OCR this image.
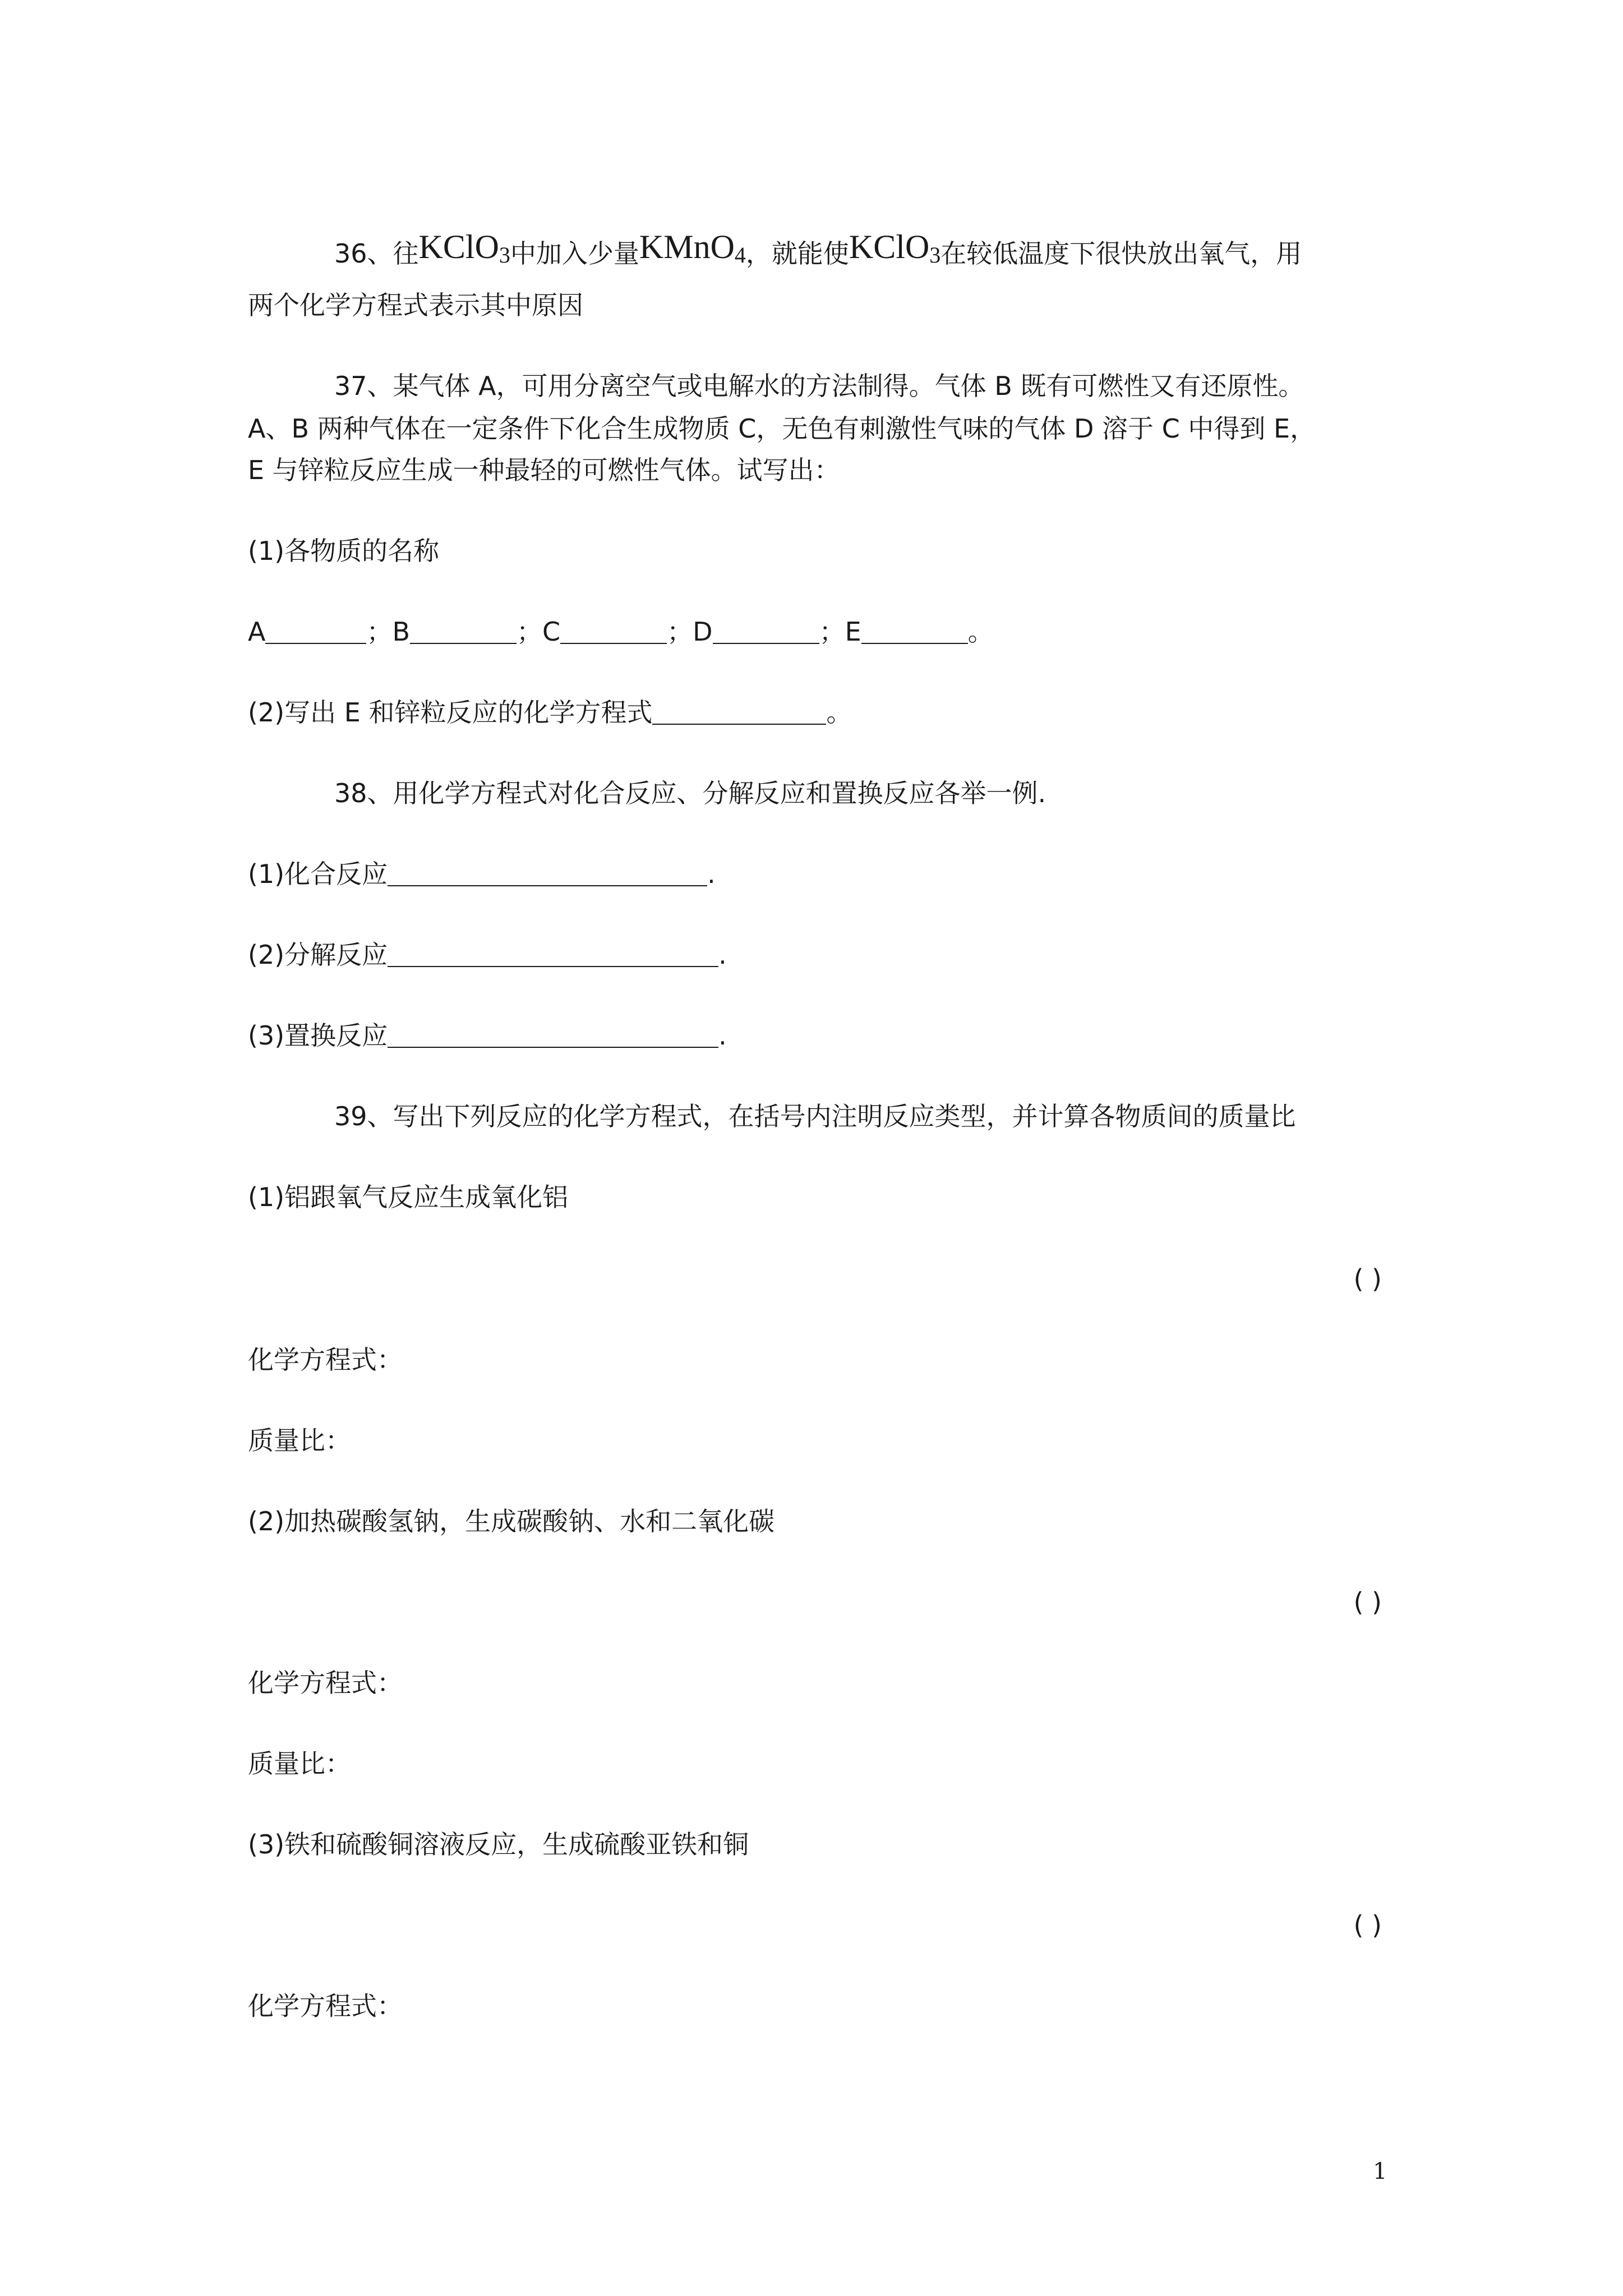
36、往KClO$_3$中加入少量KMnO$_4$，就能使KClO$_3$在较低温度下很快放出氧气，用
两个化学方程式表示其中原因
37、某气体 A，可用分离空气或电解水的方法制得。气体 B 既有可燃性又有还原性。
A、B 两种气体在一定条件下化合生成物质 C，无色有刺激性气味的气体 D 溶于 C 中得到 E，
E 与锌粒反应生成一种最轻的可燃性气体。试写出：
(1)各物质的名称
A	；B	；C	；D	；E	。
(2)写出 E 和锌粒反应的化学方程式	。
38、用化学方程式对化合反应、分解反应和置换反应各举一例.
(1)化合反应	.
(2)分解反应	.
(3)置换反应	.
39、写出下列反应的化学方程式，在括号内注明反应类型，并计算各物质间的质量比
(1)铝跟氧气反应生成氧化铝
( )
化学方程式：
质量比：
(2)加热碳酸氢钠，生成碳酸钠、水和二氧化碳
( )
化学方程式：
质量比：
(3)铁和硫酸铜溶液反应，生成硫酸亚铁和铜
( )
化学方程式：
1
